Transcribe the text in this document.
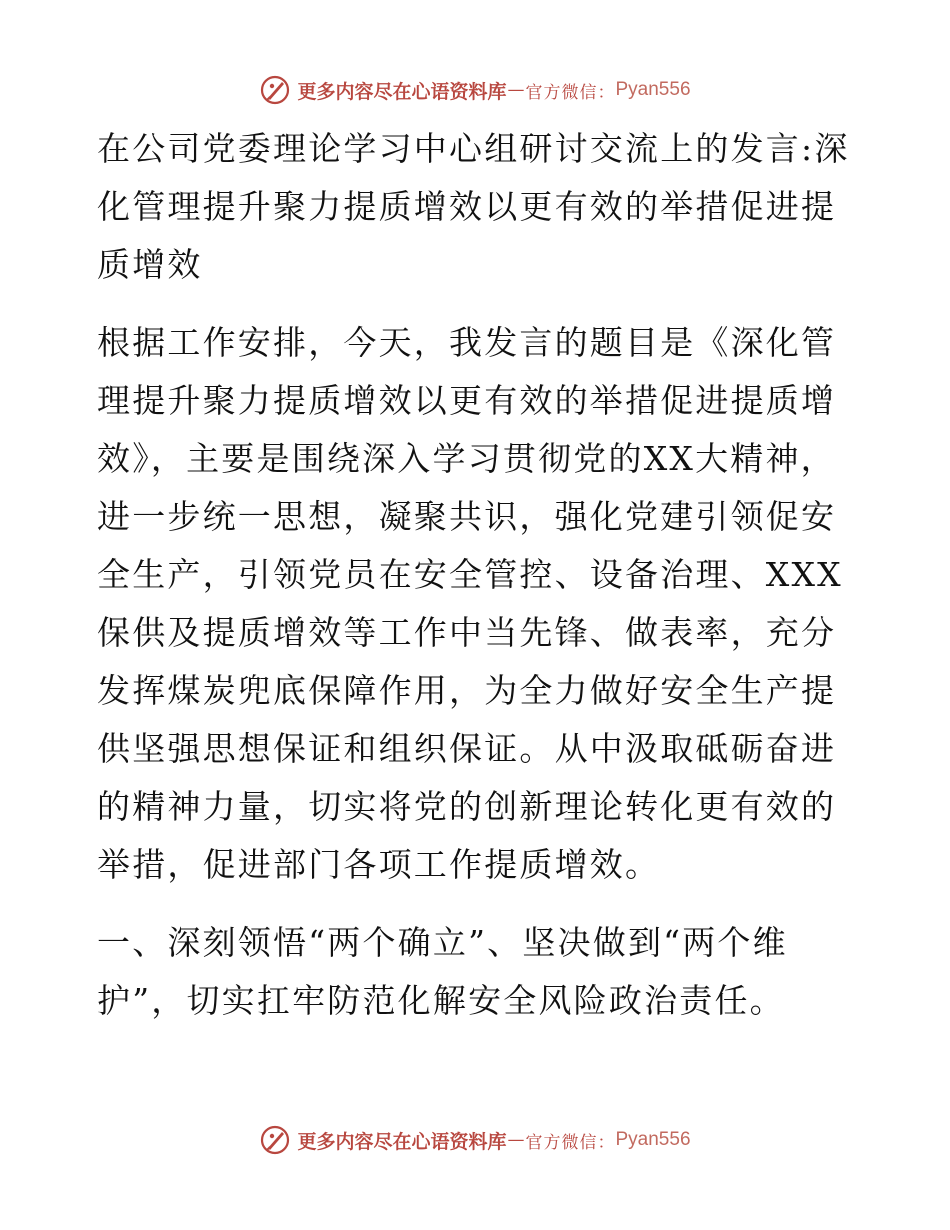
更多内容尽在心语资料库 — 官方微信： Pyan556
在公司党委理论学习中心组研讨交流上的发言:深化管理提升聚力提质增效以更有效的举措促进提质增效

根据工作安排，今天，我发言的题目是《深化管理提升聚力提质增效以更有效的举措促进提质增效》，主要是围绕深入学习贯彻党的XX大精神，进一步统一思想，凝聚共识，强化党建引领促安全生产，引领党员在安全管控、设备治理、XXX保供及提质增效等工作中当先锋、做表率，充分发挥煤炭兜底保障作用，为全力做好安全生产提供坚强思想保证和组织保证。从中汲取砥砺奋进的精神力量，切实将党的创新理论转化更有效的举措，促进部门各项工作提质增效。

一、深刻领悟“两个确立”、坚决做到“两个维护”，切实扛牢防范化解安全风险政治责任。

更多内容尽在心语资料库 — 官方微信： Pyan556
